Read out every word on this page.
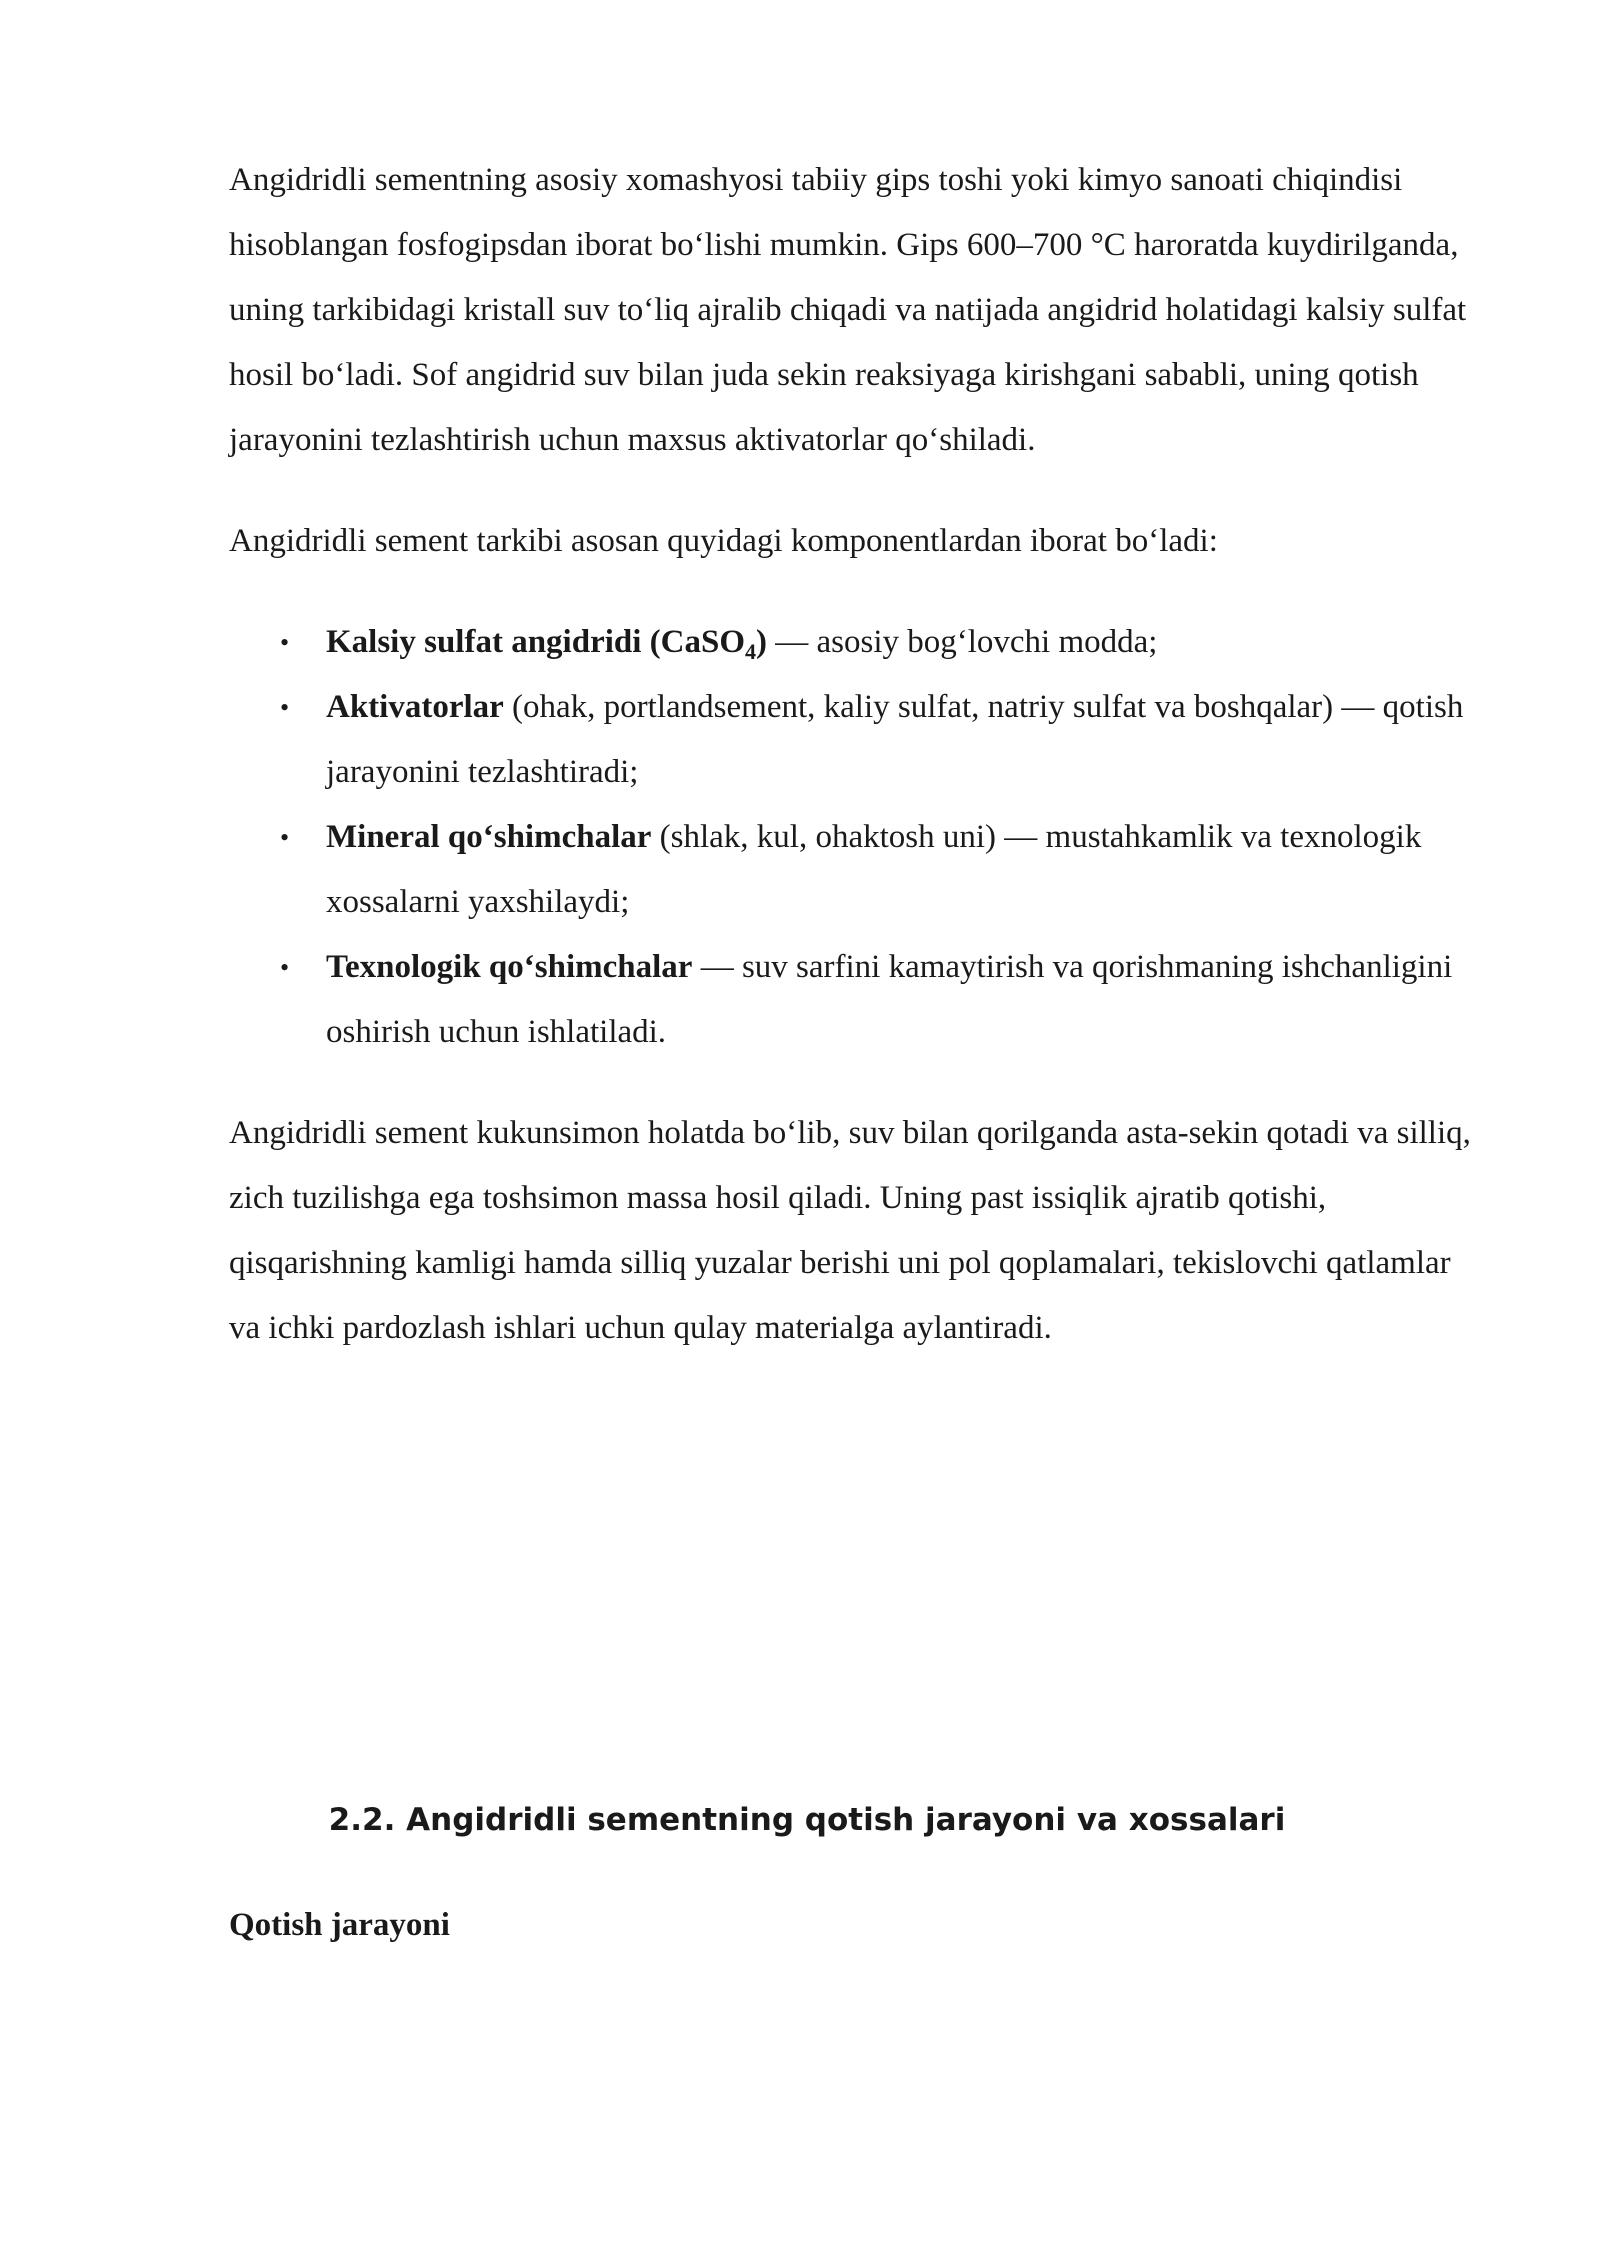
Angidridli sementning asosiy xomashyosi tabiiy gips toshi yoki kimyo sanoati chiqindisi hisoblangan fosfogipsdan iborat bo‘lishi mumkin. Gips 600–700 °C haroratda kuydirilganda, uning tarkibidagi kristall suv to‘liq ajralib chiqadi va natijada angidrid holatidagi kalsiy sulfat hosil bo‘ladi. Sof angidrid suv bilan juda sekin reaksiyaga kirishgani sababli, uning qotish jarayonini tezlashtirish uchun maxsus aktivatorlar qo‘shiladi.

Angidridli sement tarkibi asosan quyidagi komponentlardan iborat bo‘ladi:

• Kalsiy sulfat angidridi (CaSO$_4$) — asosiy bog‘lovchi modda;
• Aktivatorlar (ohak, portlandsement, kaliy sulfat, natriy sulfat va boshqalar) — qotish jarayonini tezlashtiradi;
• Mineral qo‘shimchalar (shlak, kul, ohaktosh uni) — mustahkamlik va texnologik xossalarni yaxshilaydi;
• Texnologik qo‘shimchalar — suv sarfini kamaytirish va qorishmaning ishchanligini oshirish uchun ishlatiladi.

Angidridli sement kukunsimon holatda bo‘lib, suv bilan qorilganda asta-sekin qotadi va silliq, zich tuzilishga ega toshsimon massa hosil qiladi. Uning past issiqlik ajratib qotishi, qisqarishning kamligi hamda silliq yuzalar berishi uni pol qoplamalari, tekislovchi qatlamlar va ichki pardozlash ishlari uchun qulay materialga aylantiradi.

2.2. Angidridli sementning qotish jarayoni va xossalari
Qotish jarayoni
